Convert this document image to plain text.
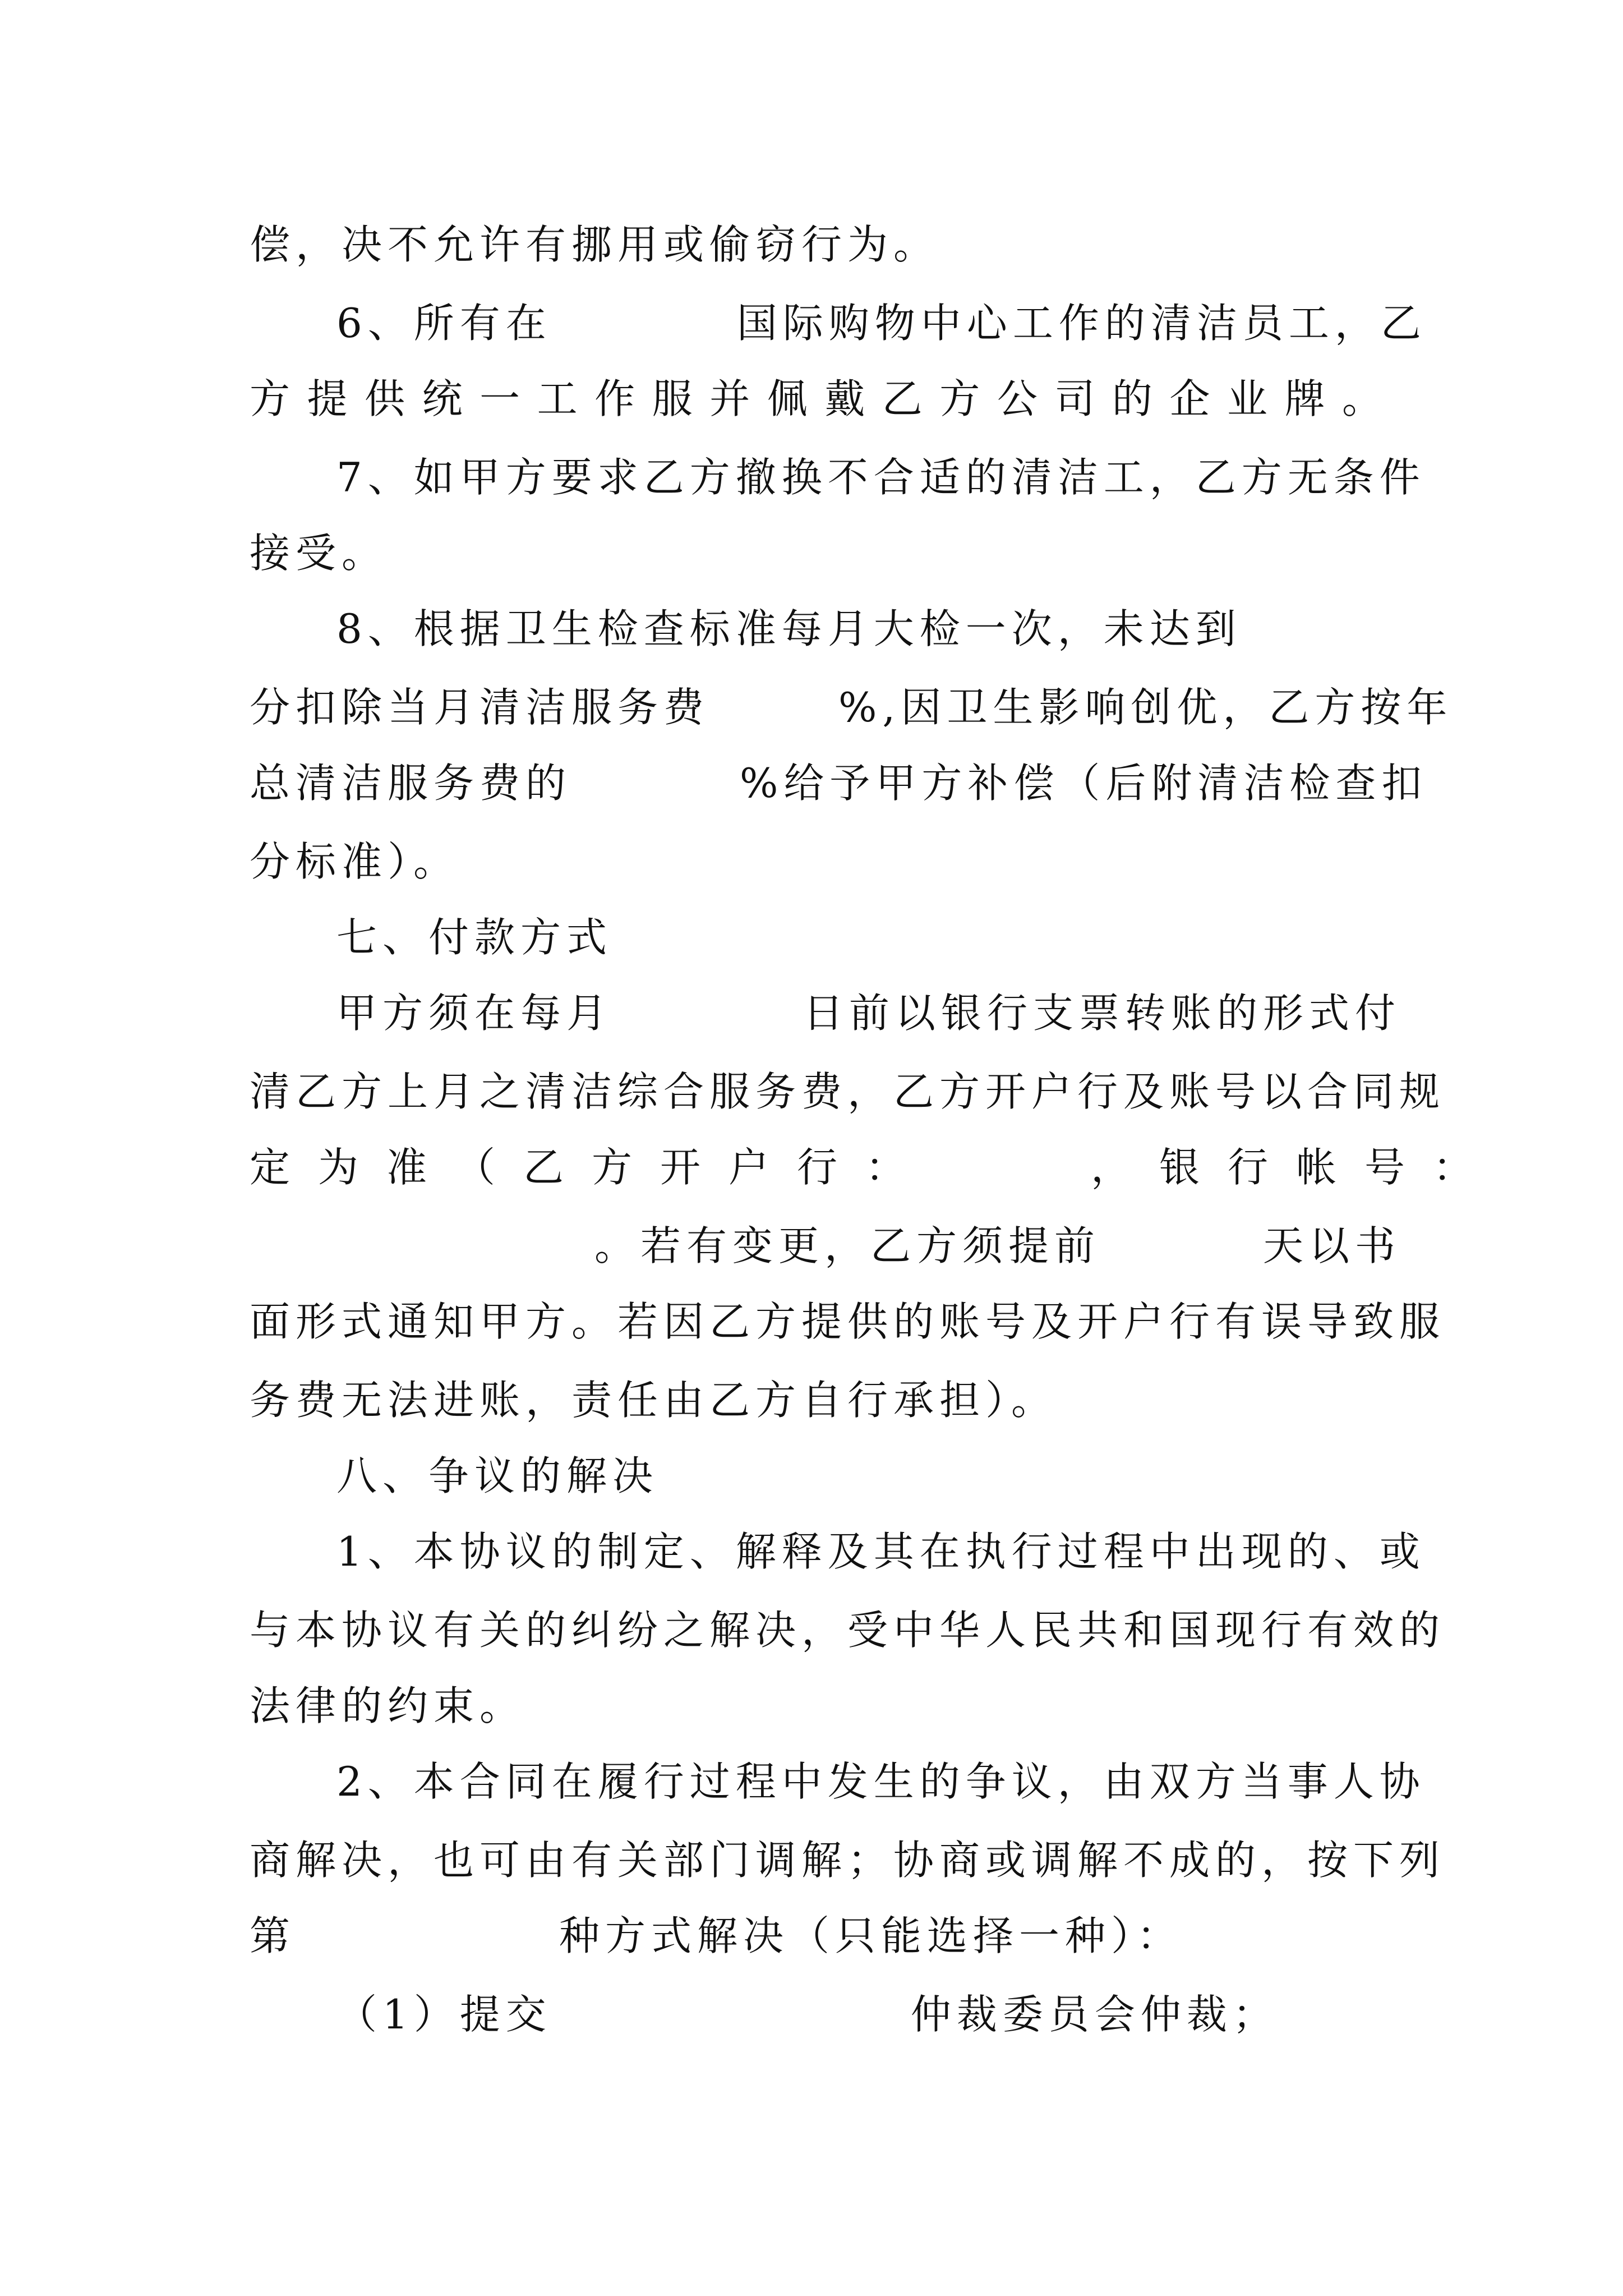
偿，决不允许有挪用或偷窃行为。
6、所有在	国际购物中心工作的清洁员工，乙
方提供统一工作服并佩戴乙方公司的企业牌。
7、如甲方要求乙方撤换不合适的清洁工，乙方无条件
接受。
8、根据卫生检查标准每月大检一次，未达到
分扣除当月清洁服务费	%,因卫生影响创优，乙方按年
总清洁服务费的	%给予甲方补偿（后附清洁检查扣
分标准）。
七、付款方式
甲方须在每月	日前以银行支票转账的形式付
清乙方上月之清洁综合服务费，乙方开户行及账号以合同规
定为准（乙方开户行：	，银行帐号：
。若有变更，乙方须提前	天以书
面形式通知甲方。若因乙方提供的账号及开户行有误导致服
务费无法进账，责任由乙方自行承担）。
八、争议的解决
1、本协议的制定、解释及其在执行过程中出现的、或
与本协议有关的纠纷之解决，受中华人民共和国现行有效的
法律的约束。
2、本合同在履行过程中发生的争议，由双方当事人协
商解决，也可由有关部门调解；协商或调解不成的，按下列
第	种方式解决（只能选择一种）：
（1）提交	仲裁委员会仲裁；
